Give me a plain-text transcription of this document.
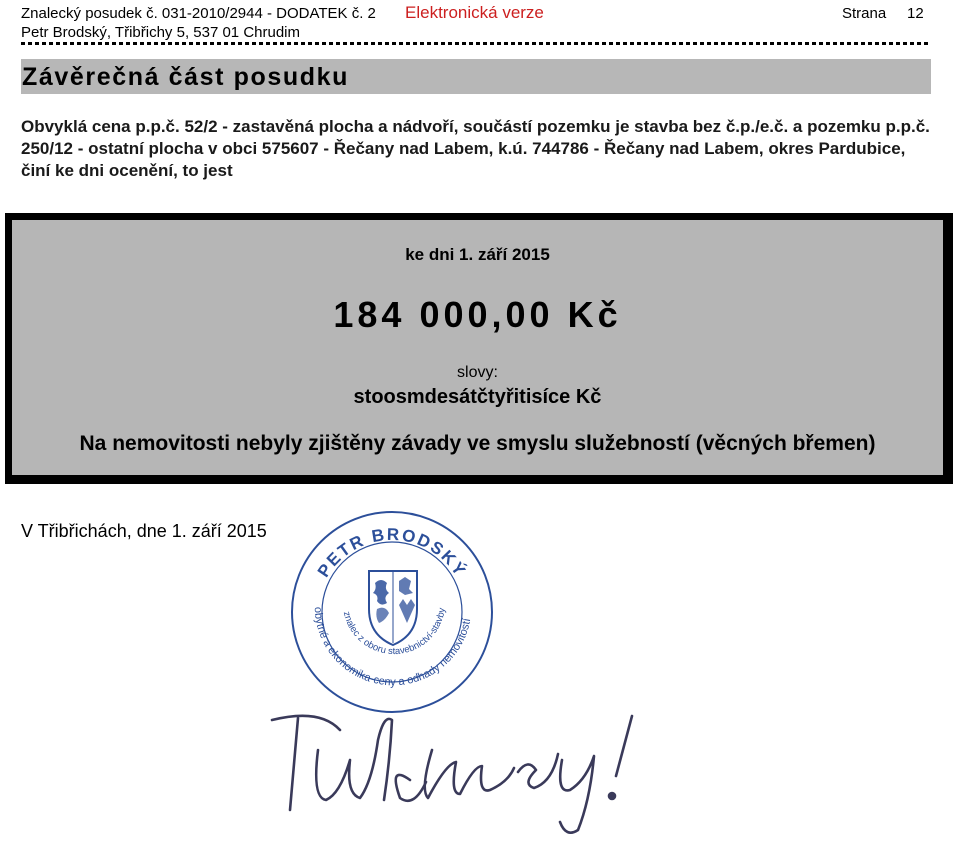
Znalecký posudek č. 031-2010/2944 - DODATEK č. 2 Elektronická verze	Strana 12
Petr Brodský, Třibřichy 5, 537 01 Chrudim
Závěrečná část posudku
Obvyklá cena p.p.č. 52/2 - zastavěná plocha a nádvoří, součástí pozemku je stavba bez č.p./e.č. a pozemku p.p.č. 250/12 - ostatní plocha v obci 575607 - Řečany nad Labem, k.ú. 744786 - Řečany nad Labem, okres Pardubice, činí ke dni ocenění, to jest
ke dni 1. září 2015
184 000,00 Kč
slovy:
stoosmdesátčtyřitisíce Kč
Na nemovitosti nebyly zjištěny závady ve smyslu služebností (věcných břemen)
V Třibřichách, dne 1. září 2015
PETR BRODSKÝ
obytné a ekonomika-ceny a odhady nemovitostí
znalec z oboru stavebnictví-stavby
